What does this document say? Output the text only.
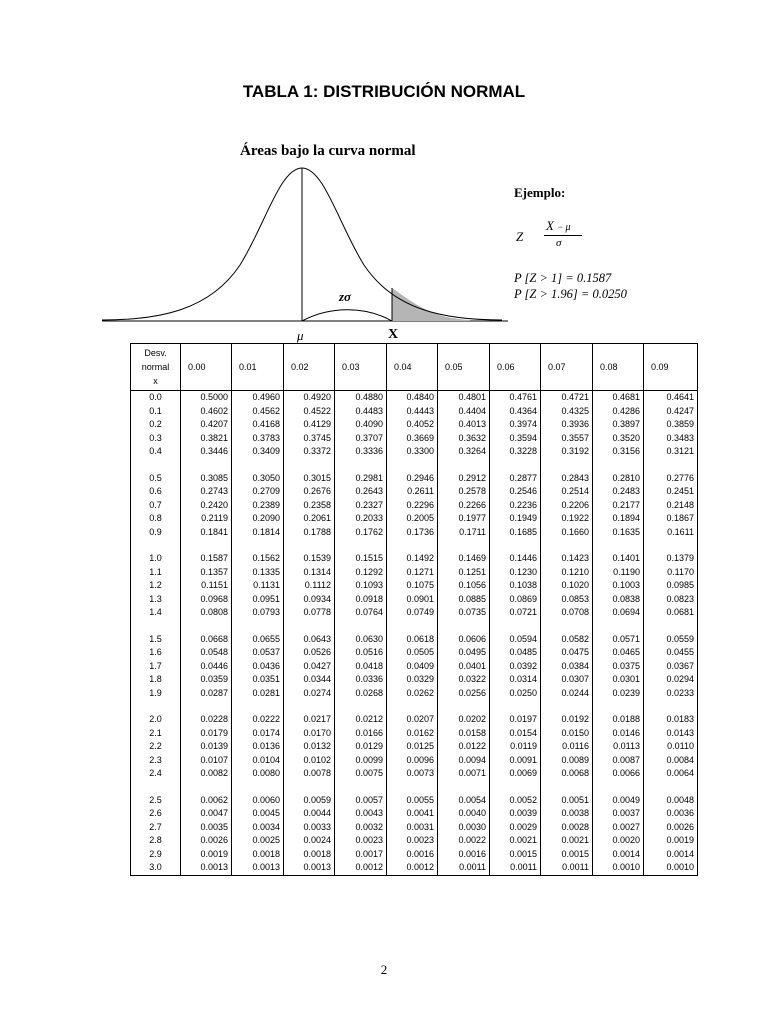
TABLA 1: DISTRIBUCIÓN NORMAL
Áreas bajo la curva normal
zσ
μ	X
Ejemplo:
Z
X − μ
σ
P [Z > 1] = 0.1587
P [Z > 1.96] = 0.0250
Desv.
normal
x	0.00	0.01	0.02	0.03	0.04	0.05	0.06	0.07	0.08	0.09
0.0	0.5000	0.4960	0.4920	0.4880	0.4840	0.4801	0.4761	0.4721	0.4681	0.4641
0.1	0.4602	0.4562	0.4522	0.4483	0.4443	0.4404	0.4364	0.4325	0.4286	0.4247
0.2	0.4207	0.4168	0.4129	0.4090	0.4052	0.4013	0.3974	0.3936	0.3897	0.3859
0.3	0.3821	0.3783	0.3745	0.3707	0.3669	0.3632	0.3594	0.3557	0.3520	0.3483
0.4	0.3446	0.3409	0.3372	0.3336	0.3300	0.3264	0.3228	0.3192	0.3156	0.3121

0.5	0.3085	0.3050	0.3015	0.2981	0.2946	0.2912	0.2877	0.2843	0.2810	0.2776
0.6	0.2743	0.2709	0.2676	0.2643	0.2611	0.2578	0.2546	0.2514	0.2483	0.2451
0.7	0.2420	0.2389	0.2358	0.2327	0.2296	0.2266	0.2236	0.2206	0.2177	0.2148
0.8	0.2119	0.2090	0.2061	0.2033	0.2005	0.1977	0.1949	0.1922	0.1894	0.1867
0.9	0.1841	0.1814	0.1788	0.1762	0.1736	0.1711	0.1685	0.1660	0.1635	0.1611

1.0	0.1587	0.1562	0.1539	0.1515	0.1492	0.1469	0.1446	0.1423	0.1401	0.1379
1.1	0.1357	0.1335	0.1314	0.1292	0.1271	0.1251	0.1230	0.1210	0.1190	0.1170
1.2	0.1151	0.1131	0.1112	0.1093	0.1075	0.1056	0.1038	0.1020	0.1003	0.0985
1.3	0.0968	0.0951	0.0934	0.0918	0.0901	0.0885	0.0869	0.0853	0.0838	0.0823
1.4	0.0808	0.0793	0.0778	0.0764	0.0749	0.0735	0.0721	0.0708	0.0694	0.0681

1.5	0.0668	0.0655	0.0643	0.0630	0.0618	0.0606	0.0594	0.0582	0.0571	0.0559
1.6	0.0548	0.0537	0.0526	0.0516	0.0505	0.0495	0.0485	0.0475	0.0465	0.0455
1.7	0.0446	0.0436	0.0427	0.0418	0.0409	0.0401	0.0392	0.0384	0.0375	0.0367
1.8	0.0359	0.0351	0.0344	0.0336	0.0329	0.0322	0.0314	0.0307	0.0301	0.0294
1.9	0.0287	0.0281	0.0274	0.0268	0.0262	0.0256	0.0250	0.0244	0.0239	0.0233

2.0	0.0228	0.0222	0.0217	0.0212	0.0207	0.0202	0.0197	0.0192	0.0188	0.0183
2.1	0.0179	0.0174	0.0170	0.0166	0.0162	0.0158	0.0154	0.0150	0.0146	0.0143
2.2	0.0139	0.0136	0.0132	0.0129	0.0125	0.0122	0.0119	0.0116	0.0113	0.0110
2.3	0.0107	0.0104	0.0102	0.0099	0.0096	0.0094	0.0091	0.0089	0.0087	0.0084
2.4	0.0082	0.0080	0.0078	0.0075	0.0073	0.0071	0.0069	0.0068	0.0066	0.0064

2.5	0.0062	0.0060	0.0059	0.0057	0.0055	0.0054	0.0052	0.0051	0.0049	0.0048
2.6	0.0047	0.0045	0.0044	0.0043	0.0041	0.0040	0.0039	0.0038	0.0037	0.0036
2.7	0.0035	0.0034	0.0033	0.0032	0.0031	0.0030	0.0029	0.0028	0.0027	0.0026
2.8	0.0026	0.0025	0.0024	0.0023	0.0023	0.0022	0.0021	0.0021	0.0020	0.0019
2.9	0.0019	0.0018	0.0018	0.0017	0.0016	0.0016	0.0015	0.0015	0.0014	0.0014
3.0	0.0013	0.0013	0.0013	0.0012	0.0012	0.0011	0.0011	0.0011	0.0010	0.0010
2
